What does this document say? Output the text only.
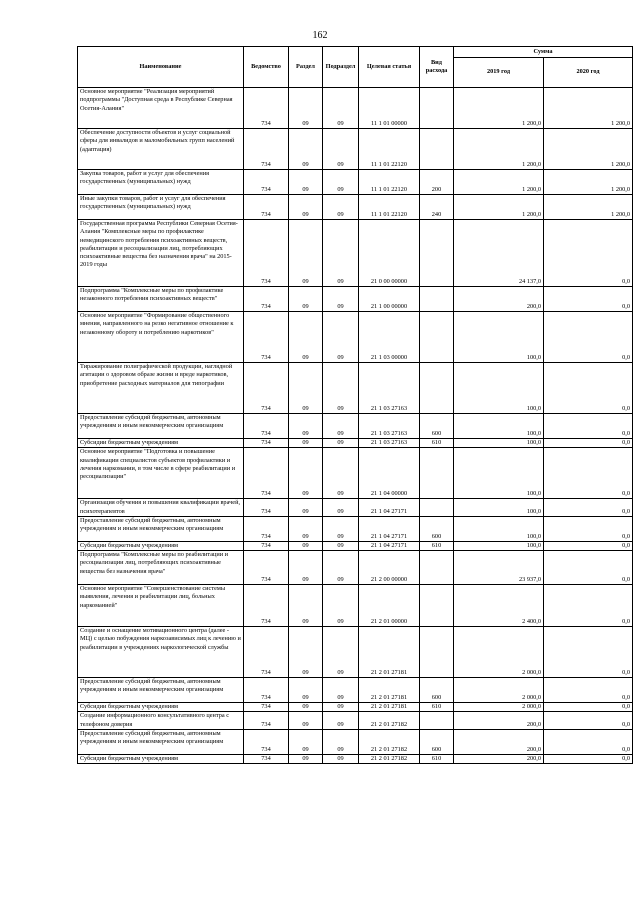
162
Наименование	Ведомство	Раздел	Подраздел	Целевая статья	Вид расхода	Сумма	
						2019 год	2020 год
Основное мероприятие "Реализация мероприятий подпрограммы "Доступная среда в Республике Северная Осетия-Алания"	734	09	09	11 1 01 00000		1 200,0	1 200,0
Обеспечение доступности объектов и услуг социальной сферы для инвалидов и маломобильных групп населений (адаптация)	734	09	09	11 1 01 22120		1 200,0	1 200,0
Закупка товаров, работ и услуг для обеспечения государственных (муниципальных) нужд	734	09	09	11 1 01 22120	200	1 200,0	1 200,0
Иные закупки товаров, работ и услуг для обеспечения государственных (муниципальных) нужд	734	09	09	11 1 01 22120	240	1 200,0	1 200,0
Государственная программа Республики Северная Осетия-Алания "Комплексные меры по профилактике немедицинского потребления психоактивных веществ, реабилитации и ресоциализации лиц, потребляющих психоактивные вещества без назначения врача" на 2015-2019 годы	734	09	09	21 0 00 00000		24 137,0	0,0
Подпрограмма "Комплексные меры по профилактике незаконного потребления психоактивных веществ"	734	09	09	21 1 00 00000		200,0	0,0
Основное мероприятие "Формирование общественного мнения, направленного на резко негативное отношение к незаконному обороту и потреблению наркотиков"	734	09	09	21 1 03 00000		100,0	0,0
Тиражирование полиграфической продукции, наглядной агитации о здоровом образе жизни и вреде наркотиков, приобретение расходных материалов для типографии	734	09	09	21 1 03 27163		100,0	0,0
Предоставление субсидий бюджетным, автономным учреждениям и иным некоммерческим организациям	734	09	09	21 1 03 27163	600	100,0	0,0
Субсидии бюджетным учреждениям	734	09	09	21 1 03 27163	610	100,0	0,0
Основное мероприятие "Подготовка и повышение квалификации специалистов субъектов профилактики и лечения наркомании, в том числе в сфере реабилитации и ресоциализации"	734	09	09	21 1 04 00000		100,0	0,0
Организация обучения и повышения квалификации врачей, психотерапевтов	734	09	09	21 1 04 27171		100,0	0,0
Предоставление субсидий бюджетным, автономным учреждениям и иным некоммерческим организациям	734	09	09	21 1 04 27171	600	100,0	0,0
Субсидии бюджетным учреждениям	734	09	09	21 1 04 27171	610	100,0	0,0
Подпрограмма "Комплексные меры по реабилитации и ресоциализации лиц, потребляющих психоактивные вещества без назначения врача"	734	09	09	21 2 00 00000		23 937,0	0,0
Основное мероприятие "Совершенствование системы выявления, лечения и реабилитации лиц, больных наркоманией"	734	09	09	21 2 01 00000		2 400,0	0,0
Создание и оснащение мотивационного центра (далее - МЦ) с целью побуждения наркозависимых лиц к лечению и реабилитации в учреждениях наркологической службы	734	09	09	21 2 01 27181		2 000,0	0,0
Предоставление субсидий бюджетным, автономным учреждениям и иным некоммерческим организациям	734	09	09	21 2 01 27181	600	2 000,0	0,0
Субсидии бюджетным учреждениям	734	09	09	21 2 01 27181	610	2 000,0	0,0
Создание информационного консультативного центра с телефоном доверия	734	09	09	21 2 01 27182		200,0	0,0
Предоставление субсидий бюджетным, автономным учреждениям и иным некоммерческим организациям	734	09	09	21 2 01 27182	600	200,0	0,0
Субсидии бюджетным учреждениям	734	09	09	21 2 01 27182	610	200,0	0,0
